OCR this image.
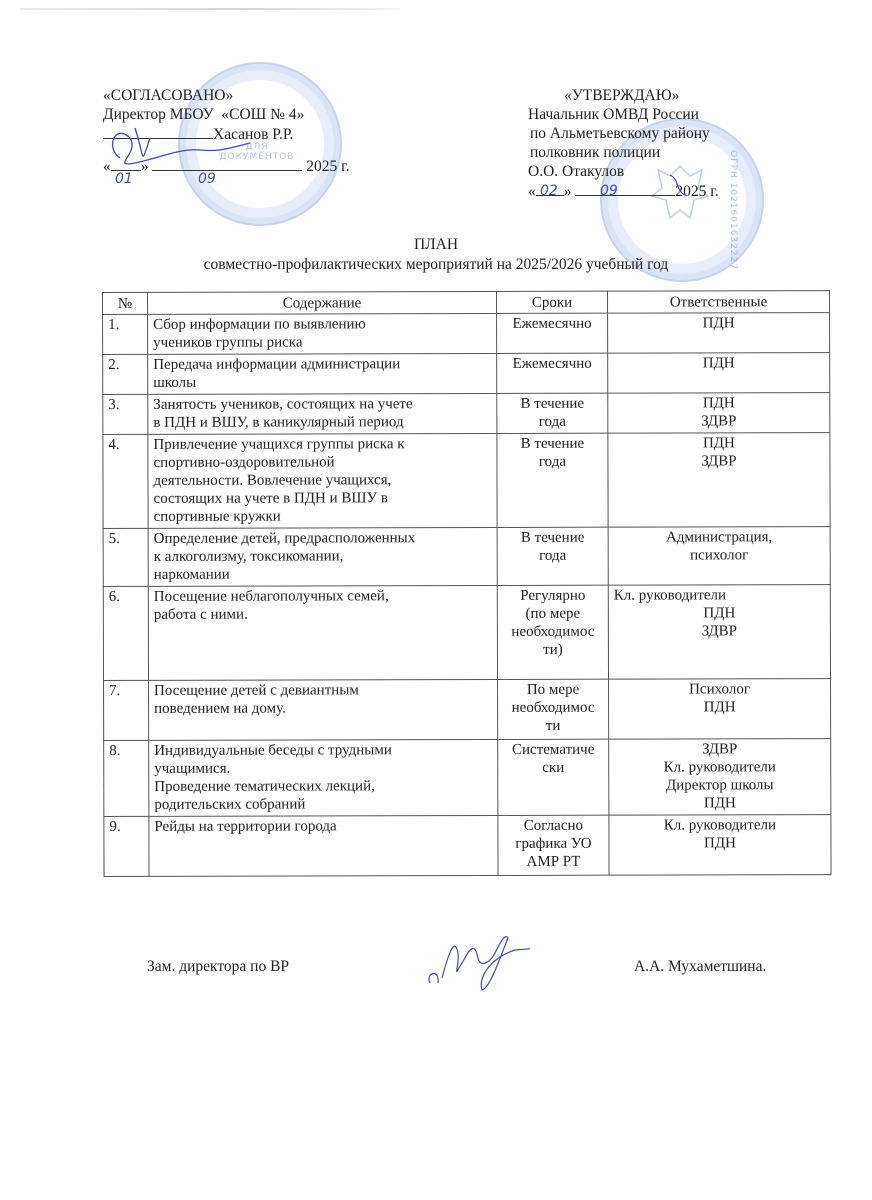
ДЛЯ ДОКУМЕНТОВ	ОГРН 1021601632227
«СОГЛАСОВАНО»
Директор МБОУ  «СОШ № 4»
Хасанов Р.Р.
« »	2025 г.
01	09
«УТВЕРЖДАЮ»
Начальник ОМВД России
по Альметьевскому району
полковник полиции
О.О. Отакулов
« »	2025 г.
02	09
ПЛАН
совместно-профилактических мероприятий на 2025/2026 учебный год
№	Содержание	Сроки	Ответственные
1.	Сбор информации по выявлению
учеников группы риска	Ежемесячно	ПДН

2.	Передача информации администрации
школы	Ежемесячно	ПДН

3.	Занятость учеников, состоящих на учете
в ПДН и ВШУ, в каникулярный период	В течение
года	ПДН
ЗДВР

4.	Привлечение учащихся группы риска к
спортивно-оздоровительной
деятельности. Вовлечение учащихся,
состоящих на учете в ПДН и ВШУ в
спортивные кружки	В течение
года	ПДН
ЗДВР

5.	Определение детей, предрасположенных
к алкоголизму, токсикомании,
наркомании	В течение
года	Администрация,
психолог

6.	Посещение неблагополучных семей,
работа с ними.	Регулярно
(по мере
необходимос
ти)	Кл. руководители
ПДН
ЗДВР

7.	Посещение детей с девиантным
поведением на дому.	По мере
необходимос
ти	Психолог
ПДН

8.	Индивидуальные беседы с трудными
учащимися.
Проведение тематических лекций,
родительских собраний	Систематиче
ски	ЗДВР
Кл. руководители
Директор школы
ПДН

9.	Рейды на территории города	Согласно
графика УО
АМР РТ	Кл. руководители
ПДН
Зам. директора по ВР	А.А. Мухаметшина.
